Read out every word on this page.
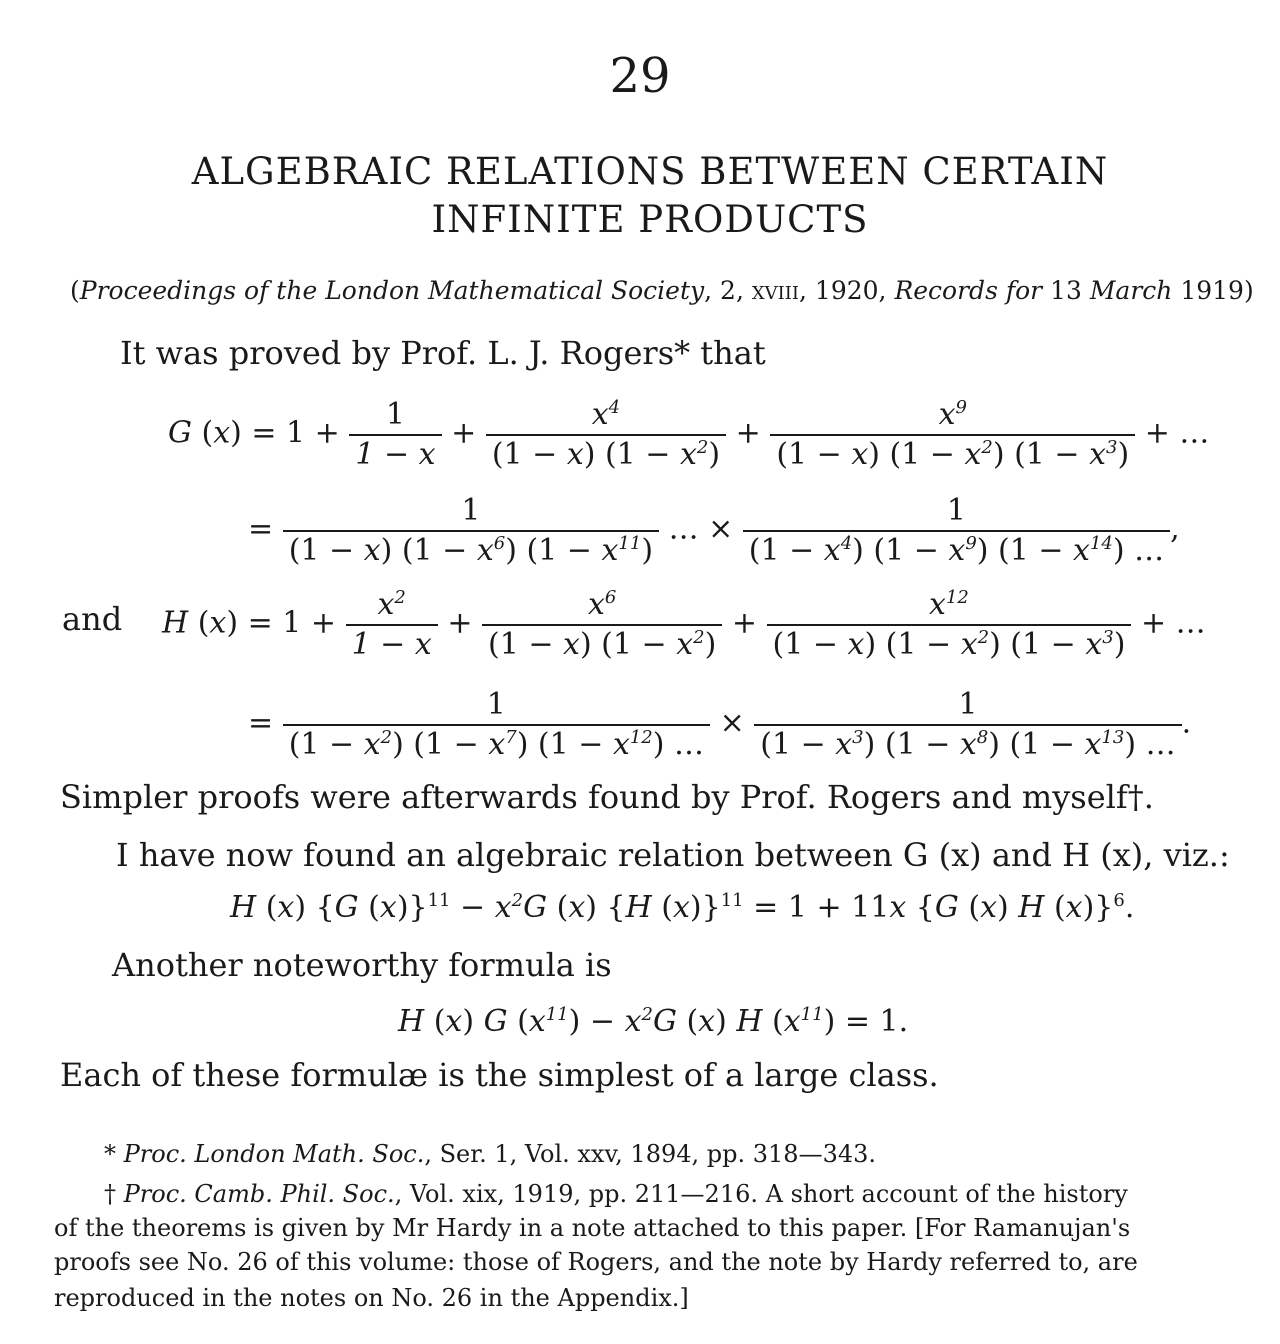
29
ALGEBRAIC RELATIONS BETWEEN CERTAIN
INFINITE PRODUCTS
(Proceedings of the London Mathematical Society, 2, xviii, 1920, Records for 13 March 1919)
It was proved by Prof. L. J. Rogers* that
G $(x) = 1 + \frac{1}{1 - x} + \frac{x^4}{(1 - x) (1 - x^2)} + \frac{x^9}{(1 - x) (1 - x^2) (1 - x^3)}$ + …
= $\frac{1}{(1 - x) (1 - x^6) (1 - x^{11})}$ … × $\frac{1}{(1 - x^4) (1 - x^9) (1 - x^{14}) \dots}$ ,
and H $(x) = 1 + \frac{x^2}{1 - x} + \frac{x^6}{(1 - x) (1 - x^2)} + \frac{x^{12}}{(1 - x) (1 - x^2) (1 - x^3)}$ + …
= $\frac{1}{(1 - x^2) (1 - x^7) (1 - x^{12}) \dots} \times \frac{1}{(1 - x^3) (1 - x^8) (1 - x^{13}) \dots}$ .
Simpler proofs were afterwards found by Prof. Rogers and myself†.
I have now found an algebraic relation between G (x) and H (x), viz.:
H (x) {G $(x)\}^{11} - x^2G$ (x) {H (x)}$^{11}$ = 1 + 11x {G (x) H (x)}$^6$.
Another noteworthy formula is
H (x) G $(x^{11}) - x^2G$ (x) H $(x^{11}) = 1$.
Each of these formulæ is the simplest of a large class.
* Proc. London Math. Soc., Ser. 1, Vol. xxv, 1894, pp. 318—343.
† Proc. Camb. Phil. Soc., Vol. xix, 1919, pp. 211—216. A short account of the history
of the theorems is given by Mr Hardy in a note attached to this paper. [For Ramanujan's
proofs see No. 26 of this volume: those of Rogers, and the note by Hardy referred to, are
reproduced in the notes on No. 26 in the Appendix.]
